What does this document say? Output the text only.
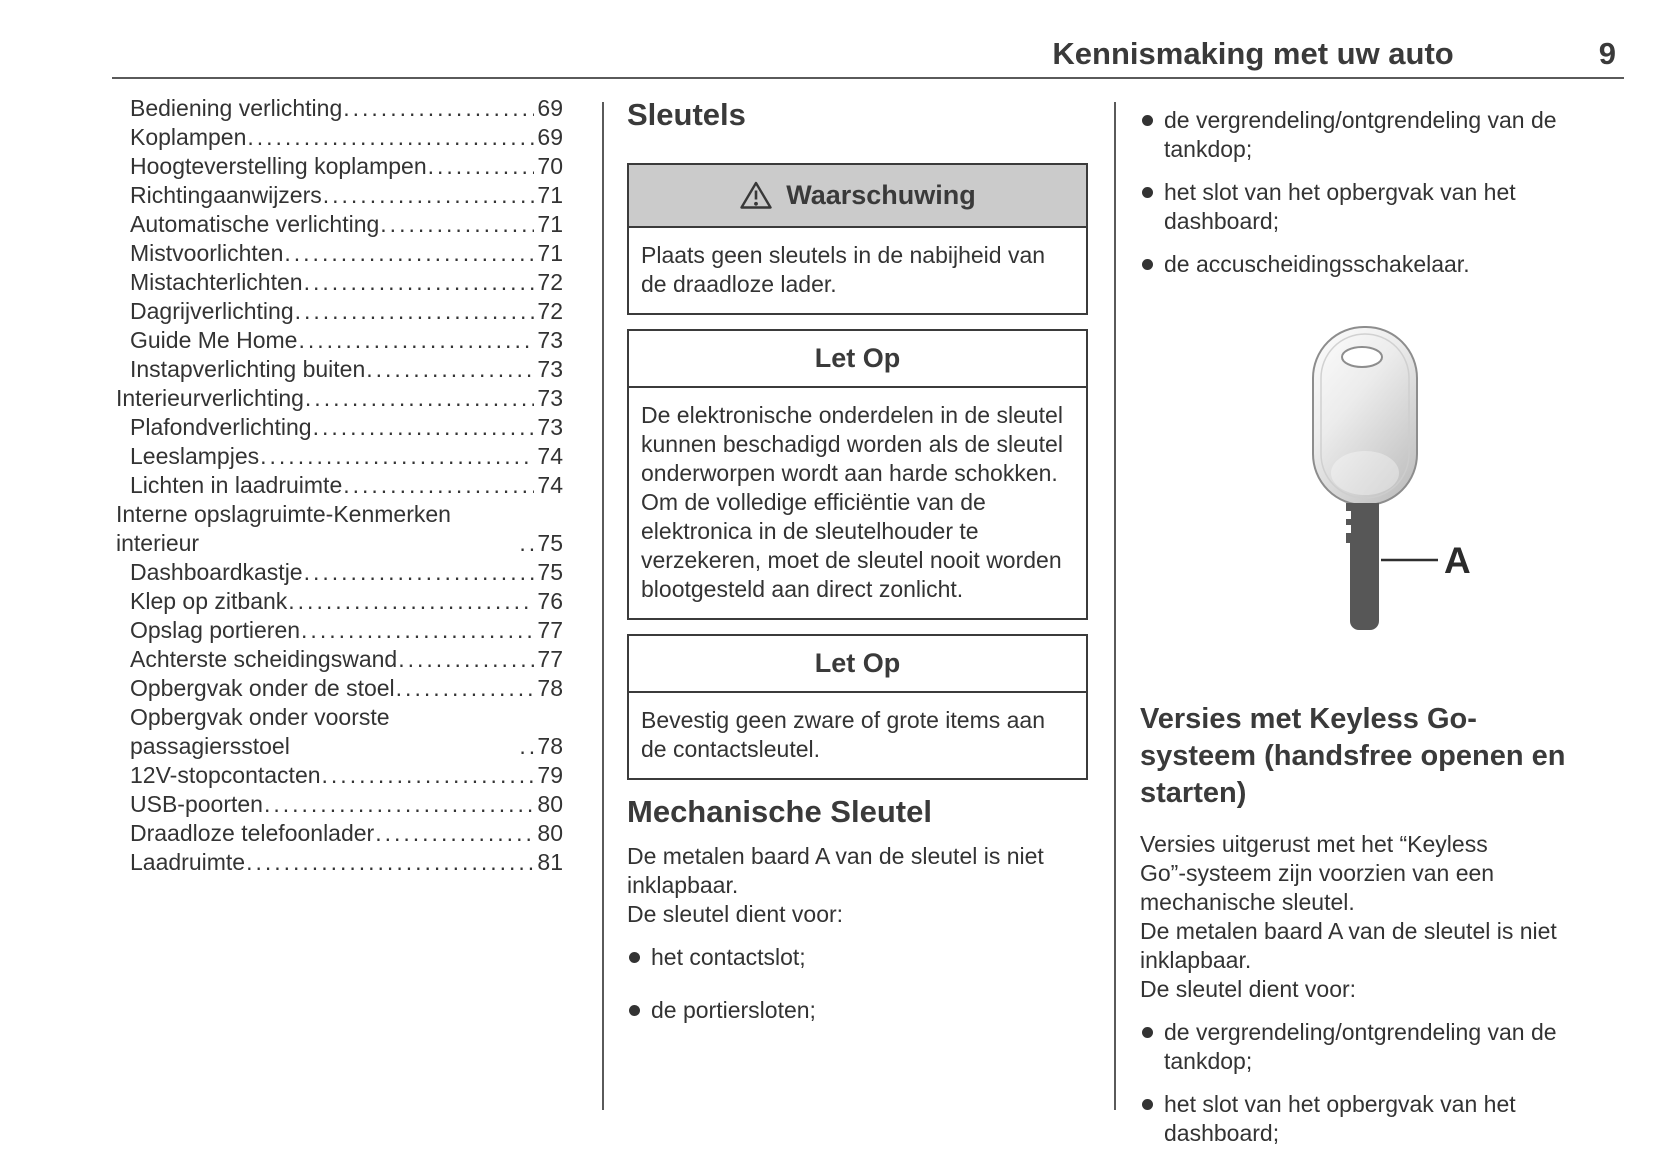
Kennismaking met uw auto	9
Bediening verlichting .....	69
Koplampen .....	69
Hoogteverstelling koplampen .....	70
Richtingaanwijzers .....	71
Automatische verlichting .....	71
Mistvoorlichten .....	71
Mistachterlichten .....	72
Dagrijverlichting .....	72
Guide Me Home .....	73
Instapverlichting buiten .....	73
Interieurverlichting .....	73
Plafondverlichting .....	73
Leeslampjes .....	74
Lichten in laadruimte .....	74
Interne opslagruimte-Kenmerken interieur .....	75
Dashboardkastje .....	75
Klep op zitbank .....	76
Opslag portieren .....	77
Achterste scheidingswand .....	77
Opbergvak onder de stoel .....	78
Opbergvak onder voorste passagiersstoel .....	78
12V-stopcontacten .....	79
USB-poorten .....	80
Draadloze telefoonlader .....	80
Laadruimte .....	81
Sleutels
Waarschuwing
Plaats geen sleutels in de nabijheid van de draadloze lader.
Let Op
De elektronische onderdelen in de sleutel kunnen beschadigd worden als de sleutel onderworpen wordt aan harde schokken. Om de volledige efficiëntie van de elektronica in de sleutelhouder te verzekeren, moet de sleutel nooit worden blootgesteld aan direct zonlicht.
Let Op
Bevestig geen zware of grote items aan de contactsleutel.
Mechanische Sleutel

De metalen baard A van de sleutel is niet inklapbaar.

De sleutel dient voor:

het contactslot;
de portiersloten;
de vergrendeling/ontgrendeling van de tankdop;
het slot van het opbergvak van het dashboard;
de accuscheidingsschakelaar.
A
Versies met Keyless Go-systeem (handsfree openen en starten)

Versies uitgerust met het “Keyless Go”‑systeem zijn voorzien van een mechanische sleutel.

De metalen baard A van de sleutel is niet inklapbaar.

De sleutel dient voor:

de vergrendeling/ontgrendeling van de tankdop;
het slot van het opbergvak van het dashboard;
